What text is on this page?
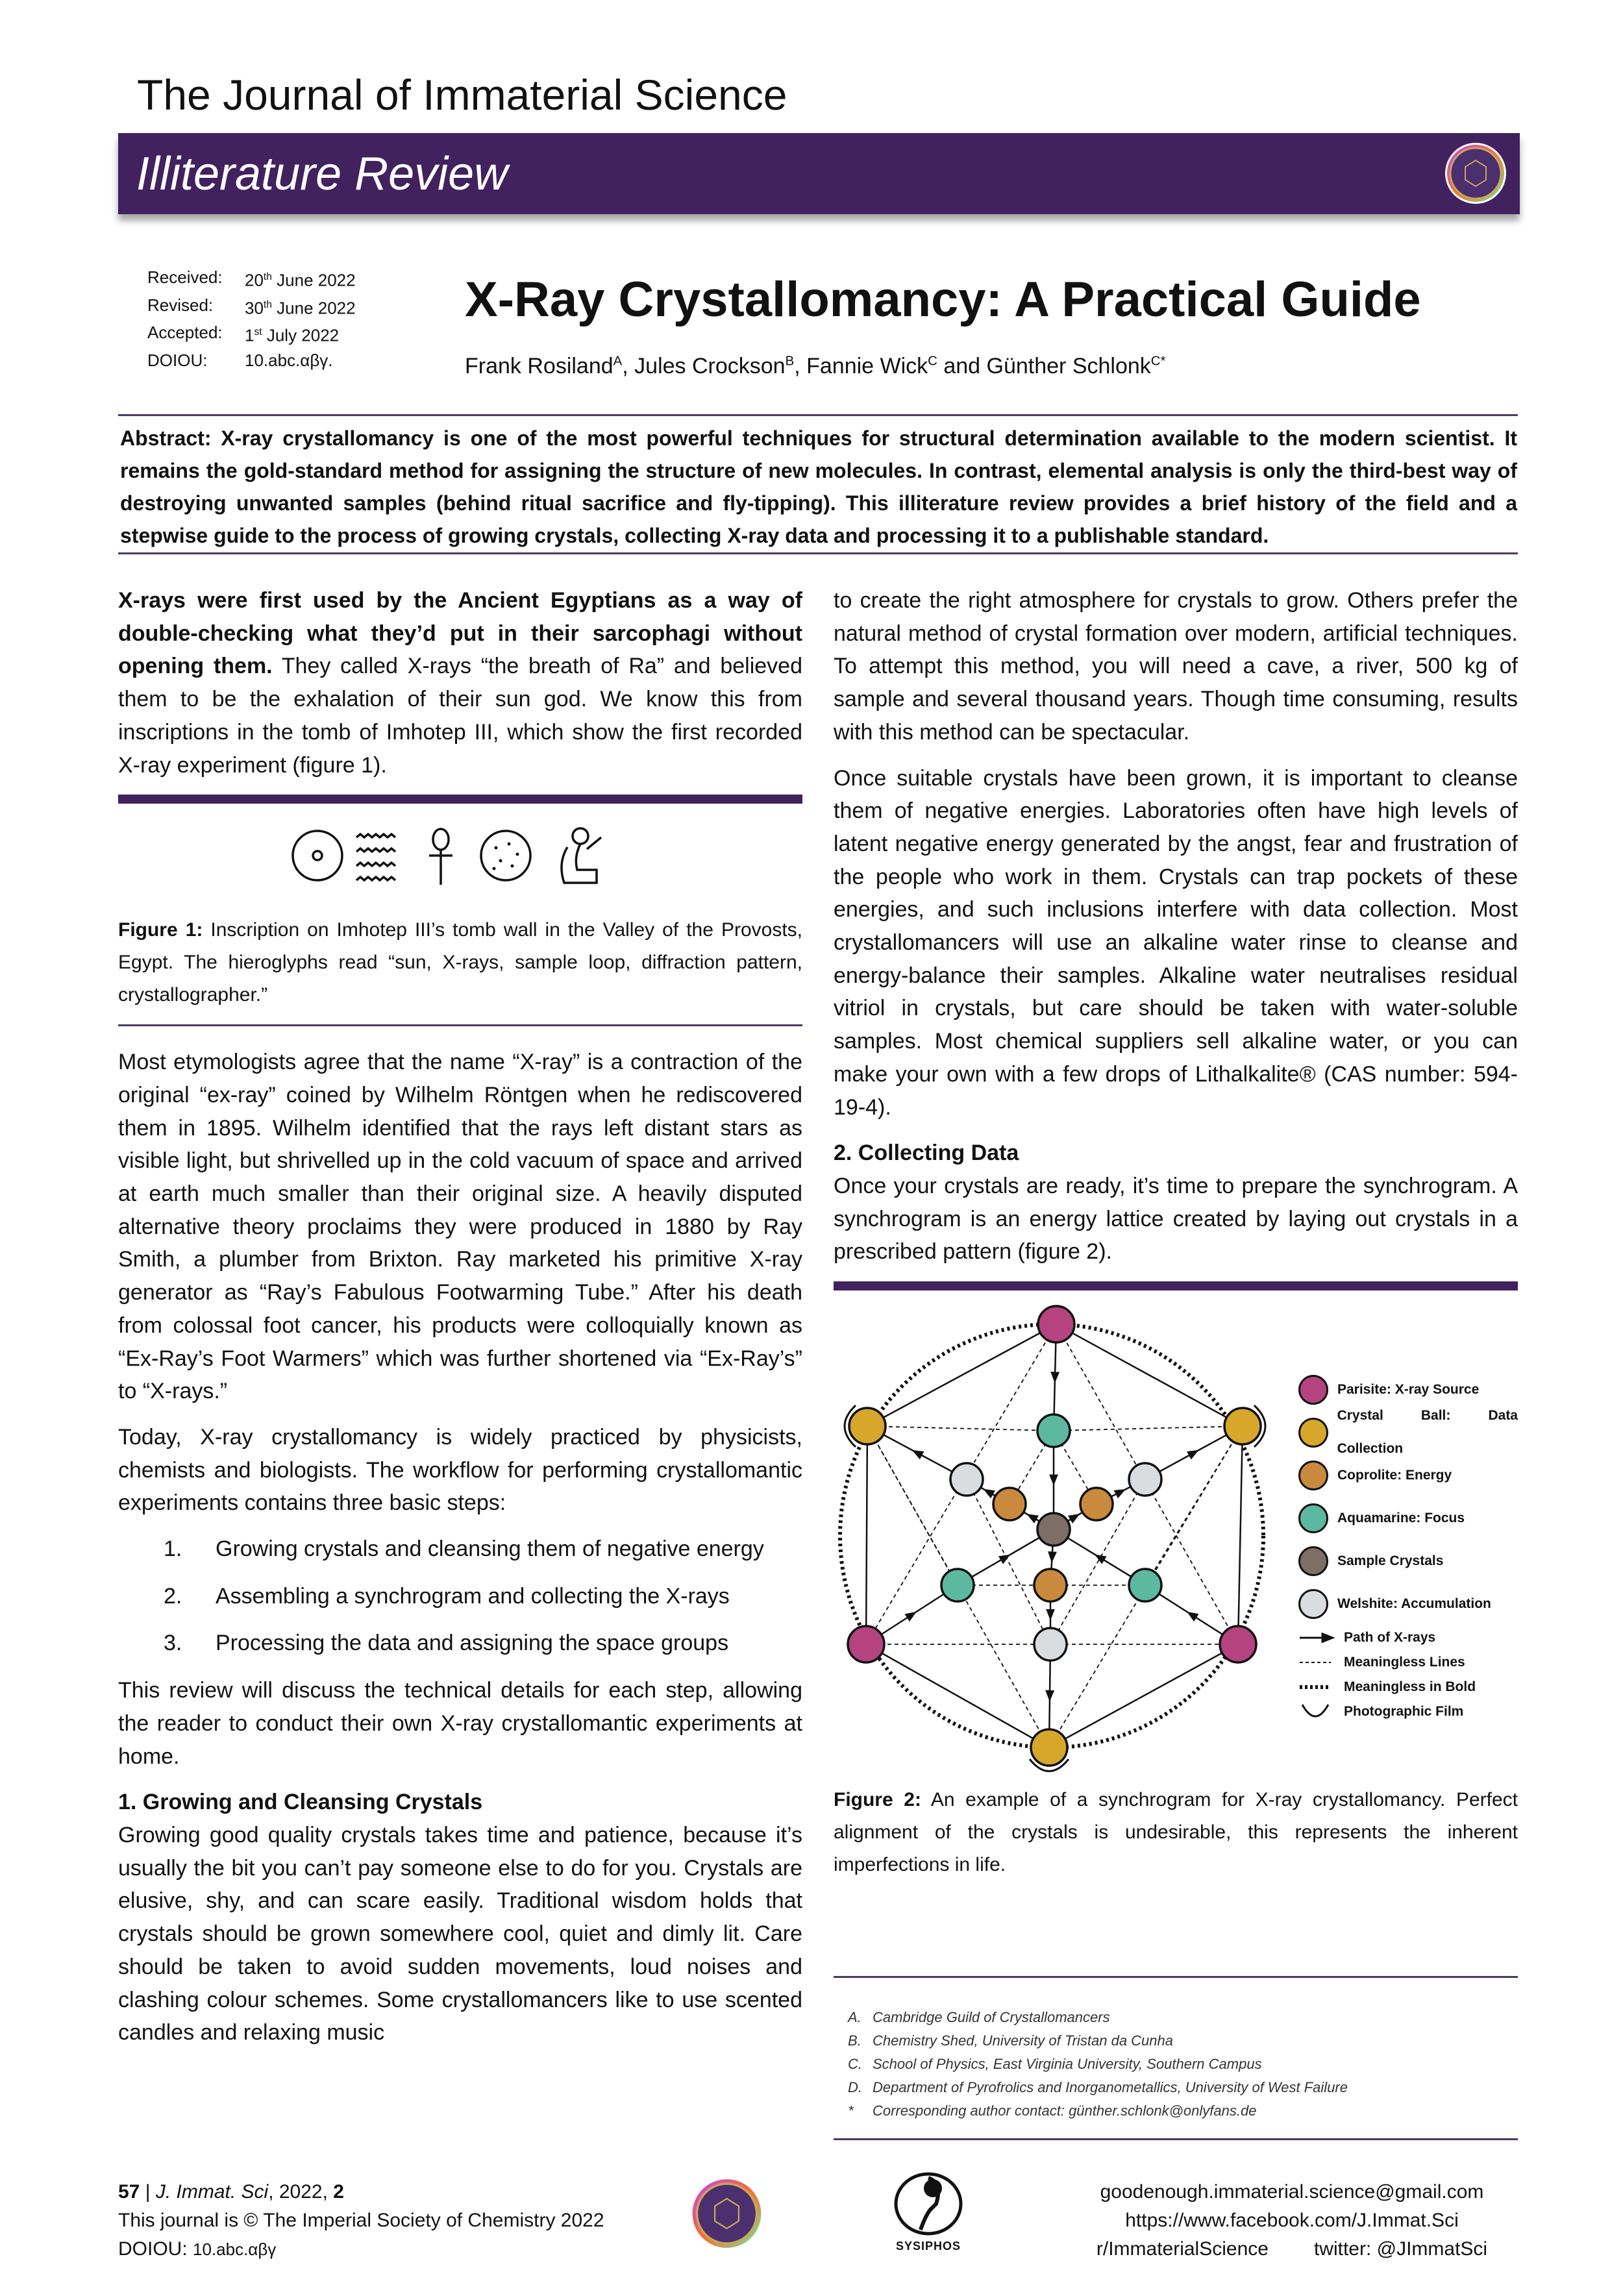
The Journal of Immaterial Science
Illiterature Review
Received:	20th June 2022
Revised:	30th June 2022
Accepted:	1st July 2022
DOIOU:	10.abc.αβγ.
X-Ray Crystallomancy: A Practical Guide
Frank Rosiland$^A$, Jules Crockson$^B$, Fannie Wick$^C$ and Günther Schlonk$^{C*}$
Abstract: X-ray crystallomancy is one of the most powerful techniques for structural determination available to the modern scientist. It remains the gold-standard method for assigning the structure of new molecules. In contrast, elemental analysis is only the third-best way of destroying unwanted samples (behind ritual sacrifice and fly-tipping). This illiterature review provides a brief history of the field and a stepwise guide to the process of growing crystals, collecting X-ray data and processing it to a publishable standard.

X-rays were first used by the Ancient Egyptians as a way of double-checking what they’d put in their sarcophagi without opening them. They called X-rays “the breath of Ra” and believed them to be the exhalation of their sun god. We know this from inscriptions in the tomb of Imhotep III, which show the first recorded X-ray experiment (figure 1).

Figure 1: Inscription on Imhotep III’s tomb wall in the Valley of the Provosts, Egypt. The hieroglyphs read “sun, X-rays, sample loop, diffraction pattern, crystallographer.”

Most etymologists agree that the name “X-ray” is a contraction of the original “ex-ray” coined by Wilhelm Röntgen when he rediscovered them in 1895. Wilhelm identified that the rays left distant stars as visible light, but shrivelled up in the cold vacuum of space and arrived at earth much smaller than their original size. A heavily disputed alternative theory proclaims they were produced in 1880 by Ray Smith, a plumber from Brixton. Ray marketed his primitive X-ray generator as “Ray’s Fabulous Footwarming Tube.” After his death from colossal foot cancer, his products were colloquially known as “Ex-Ray’s Foot Warmers” which was further shortened via “Ex-Ray’s” to “X-rays.”

Today, X-ray crystallomancy is widely practiced by physicists, chemists and biologists. The workflow for performing crystallomantic experiments contains three basic steps:

1.	Growing crystals and cleansing them of negative energy
2.	Assembling a synchrogram and collecting the X-rays
3.	Processing the data and assigning the space groups

This review will discuss the technical details for each step, allowing the reader to conduct their own X-ray crystallomantic experiments at home.

1. Growing and Cleansing Crystals

Growing good quality crystals takes time and patience, because it’s usually the bit you can’t pay someone else to do for you. Crystals are elusive, shy, and can scare easily. Traditional wisdom holds that crystals should be grown somewhere cool, quiet and dimly lit. Care should be taken to avoid sudden movements, loud noises and clashing colour schemes. Some crystallomancers like to use scented candles and relaxing music

to create the right atmosphere for crystals to grow. Others prefer the natural method of crystal formation over modern, artificial techniques. To attempt this method, you will need a cave, a river, 500 kg of sample and several thousand years. Though time consuming, results with this method can be spectacular.

Once suitable crystals have been grown, it is important to cleanse them of negative energies. Laboratories often have high levels of latent negative energy generated by the angst, fear and frustration of the people who work in them. Crystals can trap pockets of these energies, and such inclusions interfere with data collection. Most crystallomancers will use an alkaline water rinse to cleanse and energy-balance their samples. Alkaline water neutralises residual vitriol in crystals, but care should be taken with water-soluble samples. Most chemical suppliers sell alkaline water, or you can make your own with a few drops of Lithalkalite® (CAS number: 594-19-4).

2. Collecting Data

Once your crystals are ready, it’s time to prepare the synchrogram. A synchrogram is an energy lattice created by laying out crystals in a prescribed pattern (figure 2).

Parisite: X-ray Source
Crystal Ball: Data Collection
Coprolite: Energy
Aquamarine: Focus
Sample Crystals
Welshite: Accumulation
Path of X-rays
Meaningless Lines
Meaningless in Bold
Photographic Film

Figure 2: An example of a synchrogram for X-ray crystallomancy. Perfect alignment of the crystals is undesirable, this represents the inherent imperfections in life.

A. Cambridge Guild of Crystallomancers
B. Chemistry Shed, University of Tristan da Cunha
C. School of Physics, East Virginia University, Southern Campus
D. Department of Pyrofrolics and Inorganometallics, University of West Failure
*	Corresponding author contact: günther.schlonk@onlyfans.de
57 | J. Immat. Sci, 2022, 2
This journal is © The Imperial Society of Chemistry 2022
DOIOU: 10.abc.αβγ	SYSIPHOS
goodenough.immaterial.science@gmail.com
https://www.facebook.com/J.Immat.Sci
r/ImmaterialScience twitter: @JImmatSci
